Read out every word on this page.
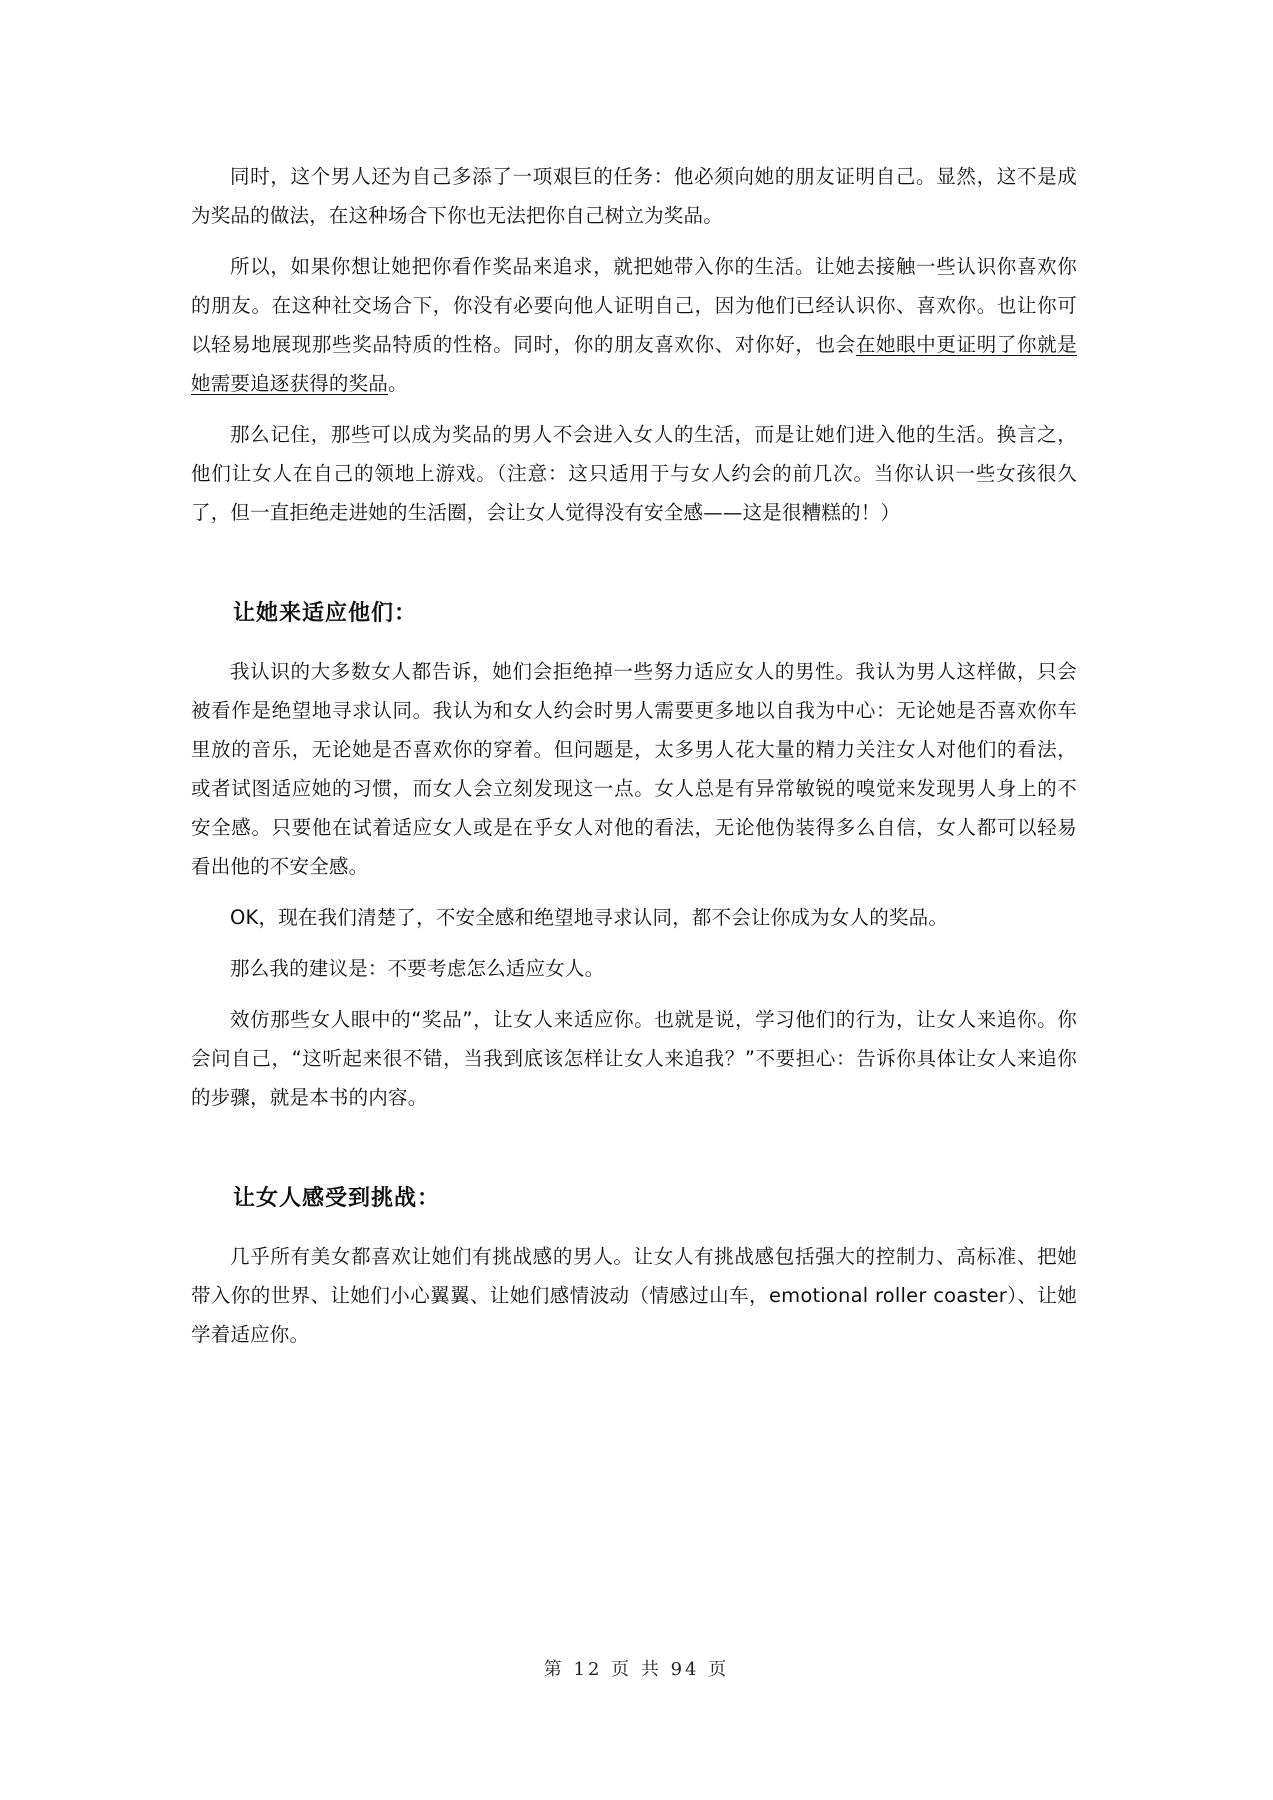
同时，这个男人还为自己多添了一项艰巨的任务：他必须向她的朋友证明自己。显然，这不是成为奖品的做法，在这种场合下你也无法把你自己树立为奖品。

所以，如果你想让她把你看作奖品来追求，就把她带入你的生活。让她去接触一些认识你喜欢你的朋友。在这种社交场合下，你没有必要向他人证明自己，因为他们已经认识你、喜欢你。也让你可以轻易地展现那些奖品特质的性格。同时，你的朋友喜欢你、对你好，也会在她眼中更证明了你就是她需要追逐获得的奖品。

那么记住，那些可以成为奖品的男人不会进入女人的生活，而是让她们进入他的生活。换言之，他们让女人在自己的领地上游戏。（注意：这只适用于与女人约会的前几次。当你认识一些女孩很久了，但一直拒绝走进她的生活圈，会让女人觉得没有安全感——这是很糟糕的！）

让她来适应他们：

我认识的大多数女人都告诉，她们会拒绝掉一些努力适应女人的男性。我认为男人这样做，只会被看作是绝望地寻求认同。我认为和女人约会时男人需要更多地以自我为中心：无论她是否喜欢你车里放的音乐，无论她是否喜欢你的穿着。但问题是，太多男人花大量的精力关注女人对他们的看法，或者试图适应她的习惯，而女人会立刻发现这一点。女人总是有异常敏锐的嗅觉来发现男人身上的不安全感。只要他在试着适应女人或是在乎女人对他的看法，无论他伪装得多么自信，女人都可以轻易看出他的不安全感。

OK，现在我们清楚了，不安全感和绝望地寻求认同，都不会让你成为女人的奖品。

那么我的建议是：不要考虑怎么适应女人。

效仿那些女人眼中的“奖品”，让女人来适应你。也就是说，学习他们的行为，让女人来追你。你会问自己，“这听起来很不错，当我到底该怎样让女人来追我？”不要担心：告诉你具体让女人来追你的步骤，就是本书的内容。

让女人感受到挑战：

几乎所有美女都喜欢让她们有挑战感的男人。让女人有挑战感包括强大的控制力、高标准、把她带入你的世界、让她们小心翼翼、让她们感情波动（情感过山车，emotional roller coaster）、让她学着适应你。

第 12 页 共 94 页
